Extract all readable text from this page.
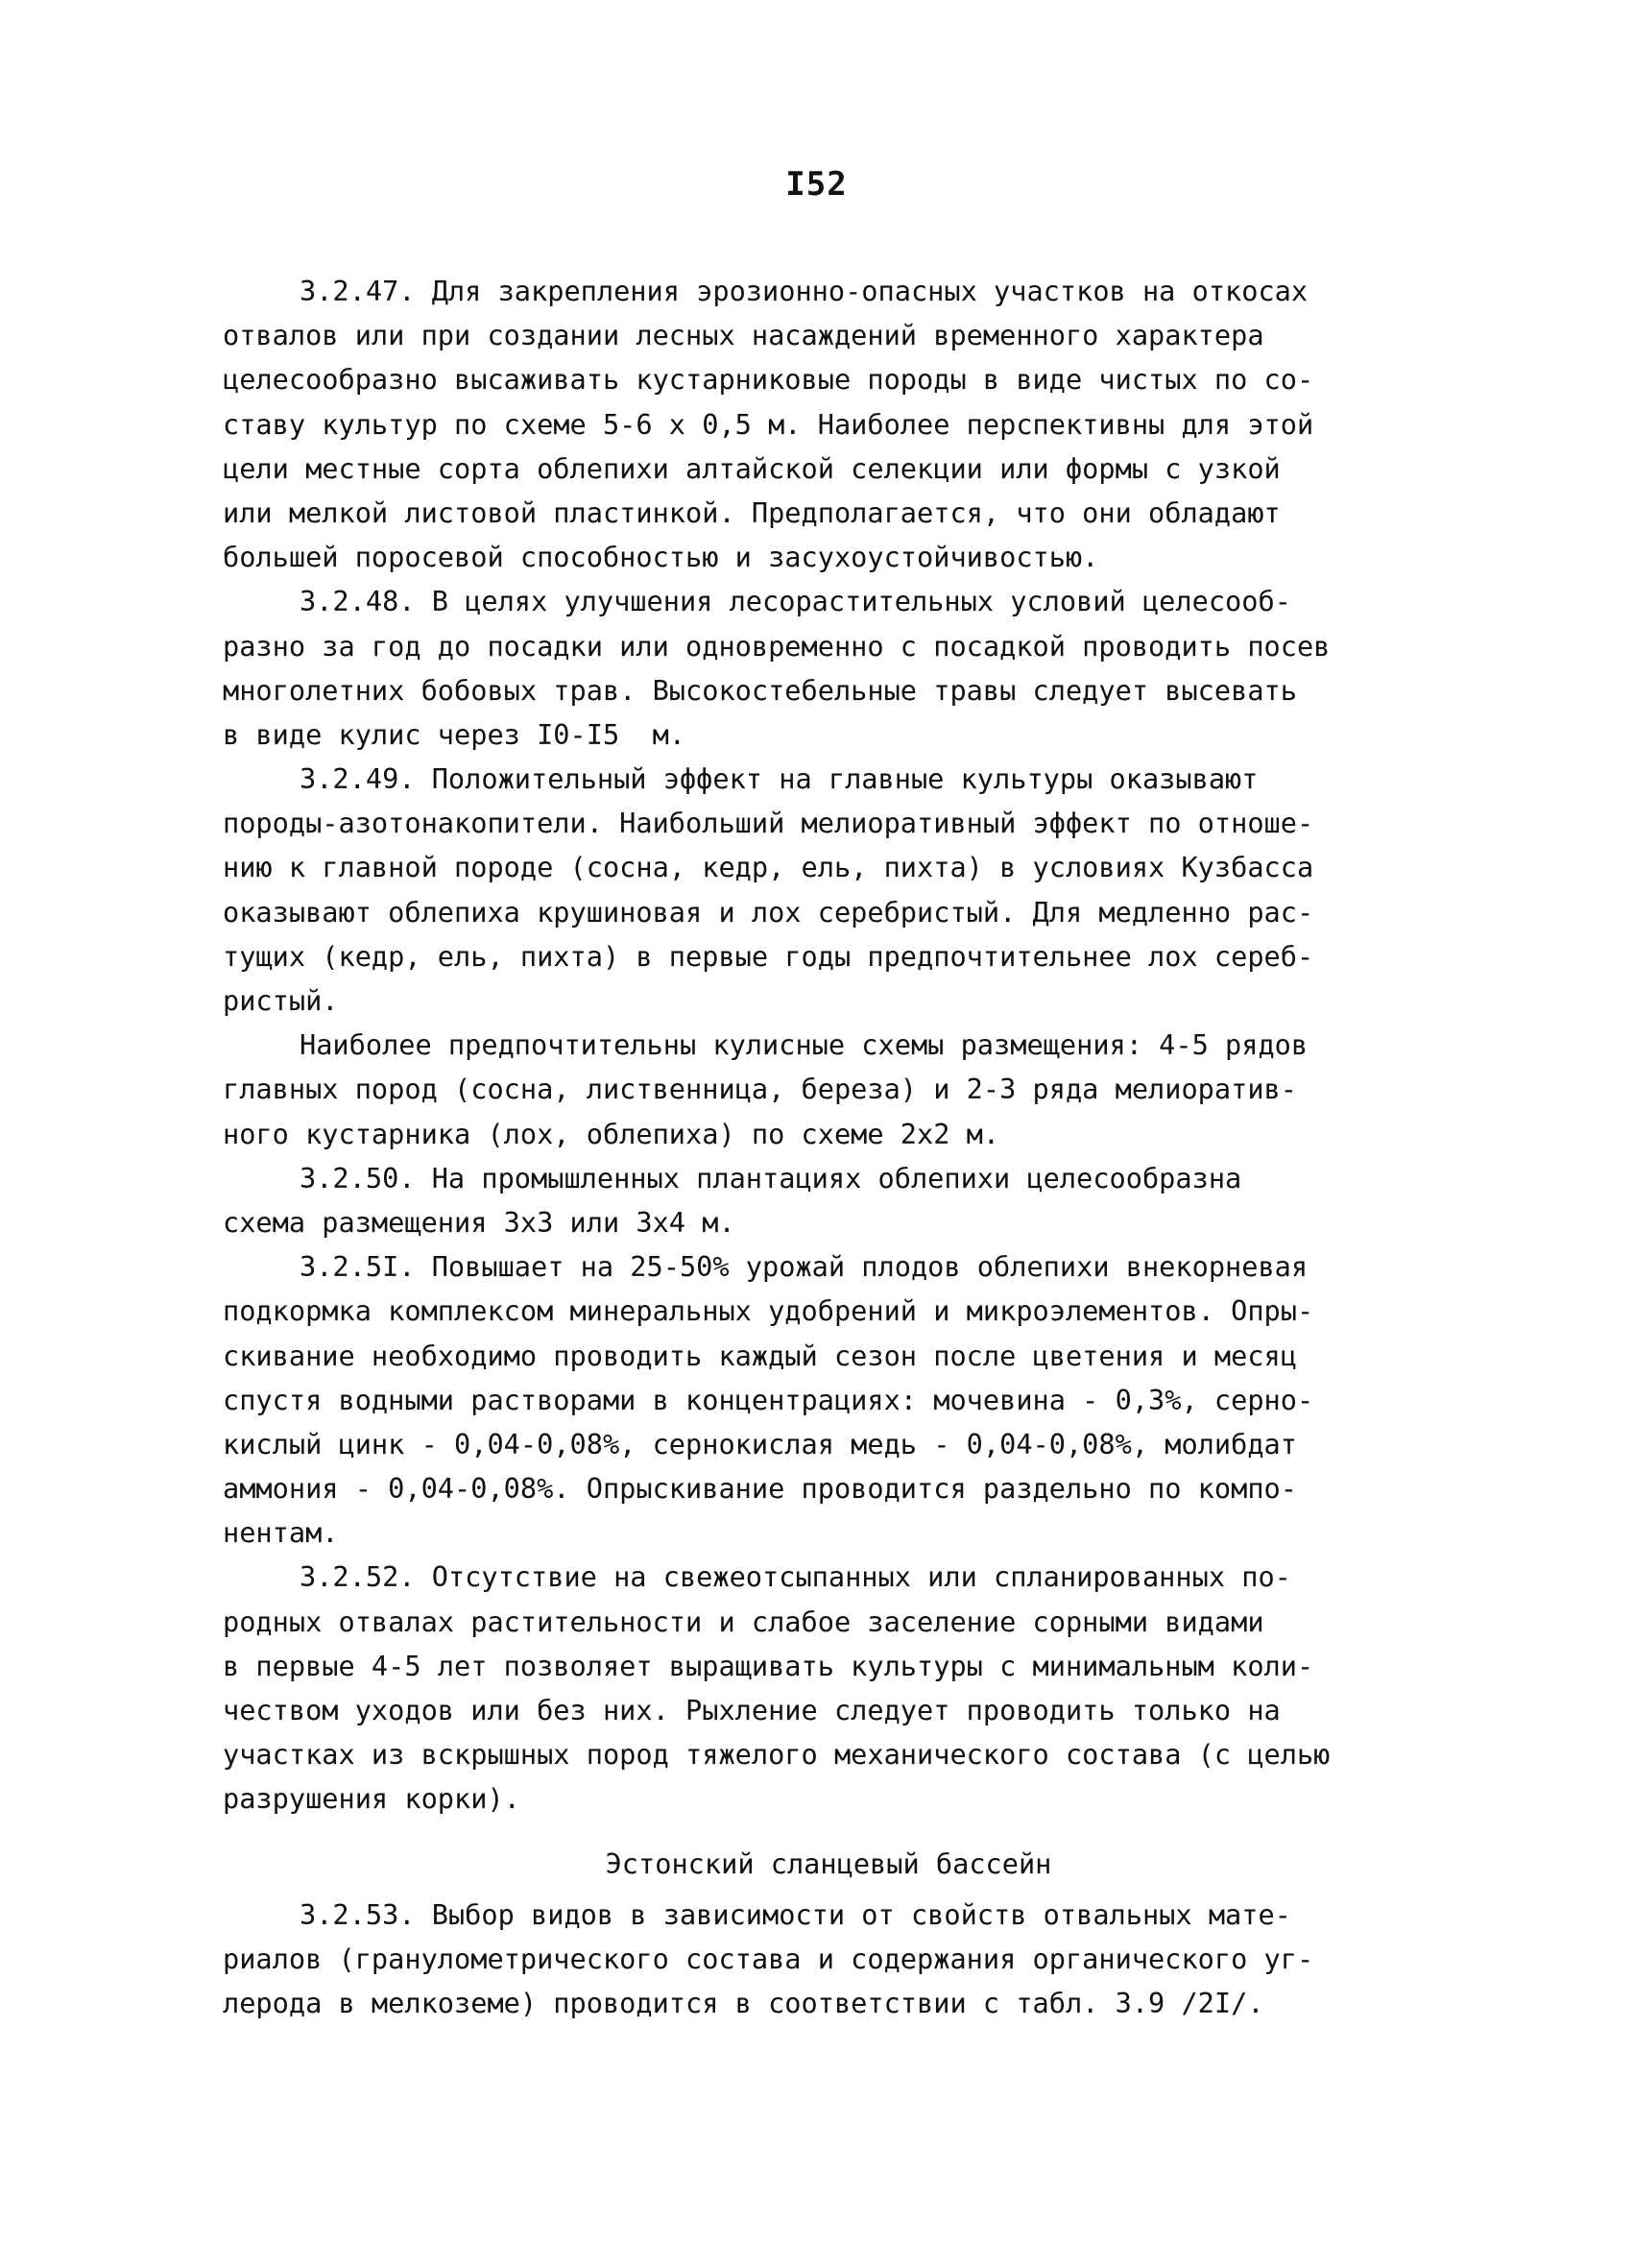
I52
3.2.47. Для закрепления эрозионно-опасных участков на откосах
отвалов или при создании лесных насаждений временного характера
целесообразно высаживать кустарниковые породы в виде чистых по со-
ставу культур по схеме 5-6 х 0,5 м. Наиболее перспективны для этой
цели местные сорта облепихи алтайской селекции или формы с узкой
или мелкой листовой пластинкой. Предполагается, что они обладают
большей поросевой способностью и засухоустойчивостью.
3.2.48. В целях улучшения лесорастительных условий целесооб-
разно за год до посадки или одновременно с посадкой проводить посев
многолетних бобовых трав. Высокостебельные травы следует высевать
в виде кулис через I0-I5  м.
3.2.49. Положительный эффект на главные культуры оказывают
породы-азотонакопители. Наибольший мелиоративный эффект по отноше-
нию к главной породе (сосна, кедр, ель, пихта) в условиях Кузбасса
оказывают облепиха крушиновая и лох серебристый. Для медленно рас-
тущих (кедр, ель, пихта) в первые годы предпочтительнее лох сереб-
ристый.
Наиболее предпочтительны кулисные схемы размещения: 4-5 рядов
главных пород (сосна, лиственница, береза) и 2-3 ряда мелиоратив-
ного кустарника (лох, облепиха) по схеме 2х2 м.
3.2.50. На промышленных плантациях облепихи целесообразна
схема размещения 3х3 или 3х4 м.
3.2.5I. Повышает на 25-50% урожай плодов облепихи внекорневая
подкормка комплексом минеральных удобрений и микроэлементов. Опры-
скивание необходимо проводить каждый сезон после цветения и месяц
спустя водными растворами в концентрациях: мочевина - 0,3%, серно-
кислый цинк - 0,04-0,08%, сернокислая медь - 0,04-0,08%, молибдат
аммония - 0,04-0,08%. Опрыскивание проводится раздельно по компо-
нентам.
3.2.52. Отсутствие на свежеотсыпанных или спланированных по-
родных отвалах растительности и слабое заселение сорными видами
в первые 4-5 лет позволяет выращивать культуры с минимальным коли-
чеством уходов или без них. Рыхление следует проводить только на
участках из вскрышных пород тяжелого механического состава (с целью
разрушения корки).
Эстонский сланцевый бассейн
3.2.53. Выбор видов в зависимости от свойств отвальных мате-
риалов (гранулометрического состава и содержания органического уг-
лерода в мелкоземе) проводится в соответствии с табл. 3.9 /2I/.
